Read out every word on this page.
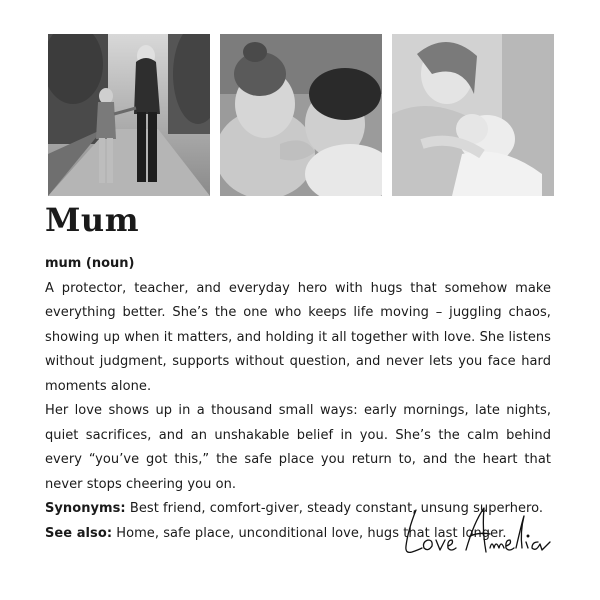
Mum

mum (noun)

A protector, teacher, and everyday hero with hugs that somehow make everything better. She’s the one who keeps life moving – juggling chaos, showing up when it matters, and holding it all together with love. She listens without judgment, supports without question, and never lets you face hard moments alone.

Her love shows up in a thousand small ways: early mornings, late nights, quiet sacrifices, and an unshakable belief in you. She’s the calm behind every “you’ve got this,” the safe place you return to, and the heart that never stops cheering you on.

Synonyms: Best friend, comfort-giver, steady constant, unsung superhero.

See also: Home, safe place, unconditional love, hugs that last longer.
